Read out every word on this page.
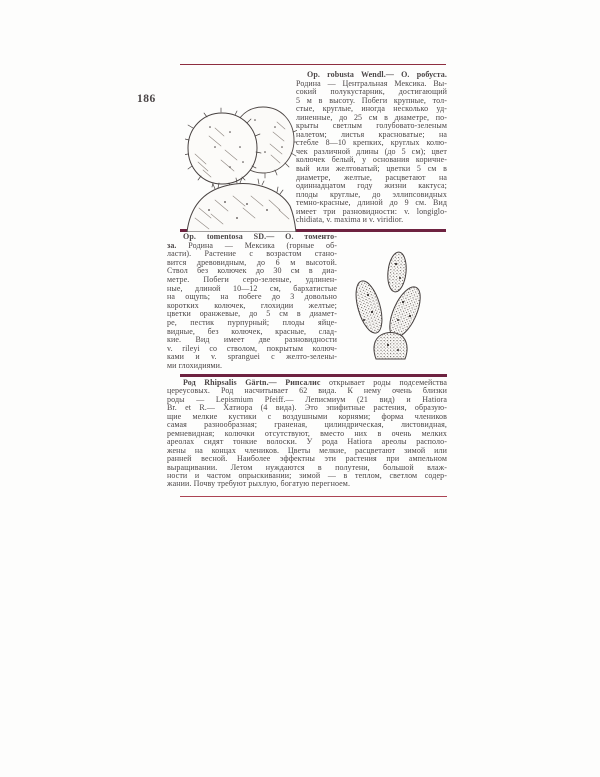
186
Op. robusta Wendl.— О. робуста.
Родина — Центральная Мексика. Вы-
сокий полукустарник, достигающий
5 м в высоту. Побеги крупные, тол-
стые, круглые, иногда несколько уд-
линенные, до 25 см в диаметре, по-
крыты светлым голубовато-зеленым
налетом; листья красноватые; на
стебле 8—10 крепких, круглых колю-
чек различной длины (до 5 см); цвет
колючек белый, у основания коричне-
вый или желтоватый; цветки 5 см в
диаметре, желтые, расцветают на
одиннадцатом году жизни кактуса;
плоды круглые, до эллипсовидных
темно-красные, длиной до 9 см. Вид
имеет три разновидности: v. longiglo-
chidiata, v. maxima и v. viridior.
Op. tomentosa SD.— О. томенто-
за. Родина — Мексика (горные об-
ласти). Растение с возрастом стано-
вится древовидным, до 6 м высотой.
Ствол без колючек до 30 см в диа-
метре. Побеги серо-зеленые, удлинен-
ные, длиной 10—12 см, бархатистые
на ощупь; на побеге до 3 довольно
коротких колючек, глохидии желтые;
цветки оранжевые, до 5 см в диамет-
ре, пестик пурпурный; плоды яйце-
видные, без колючек, красные, слад-
кие. Вид имеет две разновидности
v. rileyi со стволом, покрытым колюч-
ками и v. spranguei с желто-зелены-
ми глохидиями.
Род Rhipsalis Gärtn.— Рипсалис открывает роды подсемейства
цереусовых. Род насчитывает 62 вида. К нему очень близки
роды — Lepismium Pfeiff.— Леписмиум (21 вид) и Hatiora
Br. et R.— Хатиора (4 вида). Это эпифитные растения, образую-
щие мелкие кустики с воздушными корнями; форма члеников
самая разнообразная; граненая, цилиндрическая, листовидная,
ремневидная; колючки отсутствуют, вместо них в очень мелких
ареолах сидят тонкие волоски. У рода Hatiora ареолы располо-
жены на концах члеников. Цветы мелкие, расцветают зимой или
ранней весной. Наиболее эффектны эти растения при ампельном
выращивании. Летом нуждаются в полутени, большой влаж-
ности и частом опрыскивании; зимой — в теплом, светлом содер-
жании. Почву требуют рыхлую, богатую перегноем.
